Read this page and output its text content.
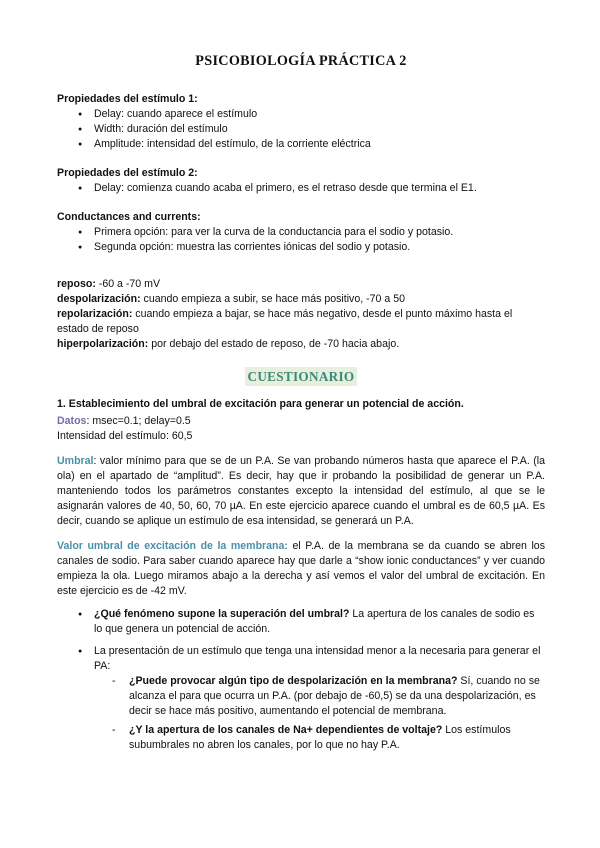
PSICOBIOLOGÍA PRÁCTICA 2

Propiedades del estímulo 1:

● Delay: cuando aparece el estímulo
● Width: duración del estímulo
● Amplitude: intensidad del estímulo, de la corriente eléctrica

Propiedades del estímulo 2:

● Delay: comienza cuando acaba el primero, es el retraso desde que termina el E1.

Conductances and currents:

● Primera opción: para ver la curva de la conductancia para el sodio y potasio.
● Segunda opción: muestra las corrientes iónicas del sodio y potasio.
reposo: -60 a -70 mV
despolarización: cuando empieza a subir, se hace más positivo, -70 a 50
repolarización: cuando empieza a bajar, se hace más negativo, desde el punto máximo hasta el estado de reposo
hiperpolarización: por debajo del estado de reposo, de -70 hacia abajo.
CUESTIONARIO

1. Establecimiento del umbral de excitación para generar un potencial de acción.

Datos: msec=0.1; delay=0.5
Intensidad del estímulo: 60,5

Umbral: valor mínimo para que se de un P.A. Se van probando números hasta que aparece el P.A. (la ola) en el apartado de “amplitud”. Es decir, hay que ir probando la posibilidad de generar un P.A. manteniendo todos los parámetros constantes excepto la intensidad del estímulo, al que se le asignarán valores de 40, 50, 60, 70 µA. En este ejercicio aparece cuando el umbral es de 60,5 µA. Es decir, cuando se aplique un estímulo de esa intensidad, se generará un P.A.

Valor umbral de excitación de la membrana: el P.A. de la membrana se da cuando se abren los canales de sodio. Para saber cuando aparece hay que darle a “show ionic conductances” y ver cuando empieza la ola. Luego miramos abajo a la derecha y así vemos el valor del umbral de excitación. En este ejercicio es de -42 mV.

● ¿Qué fenómeno supone la superación del umbral? La apertura de los canales de sodio es lo que genera un potencial de acción.
● La presentación de un estímulo que tenga una intensidad menor a la necesaria para generar el PA:
- ¿Puede provocar algún tipo de despolarización en la membrana? Sí, cuando no se alcanza el para que ocurra un P.A. (por debajo de -60,5) se da una despolarización, es decir se hace más positivo, aumentando el potencial de membrana.
- ¿Y la apertura de los canales de Na+ dependientes de voltaje? Los estímulos subumbrales no abren los canales, por lo que no hay P.A.
